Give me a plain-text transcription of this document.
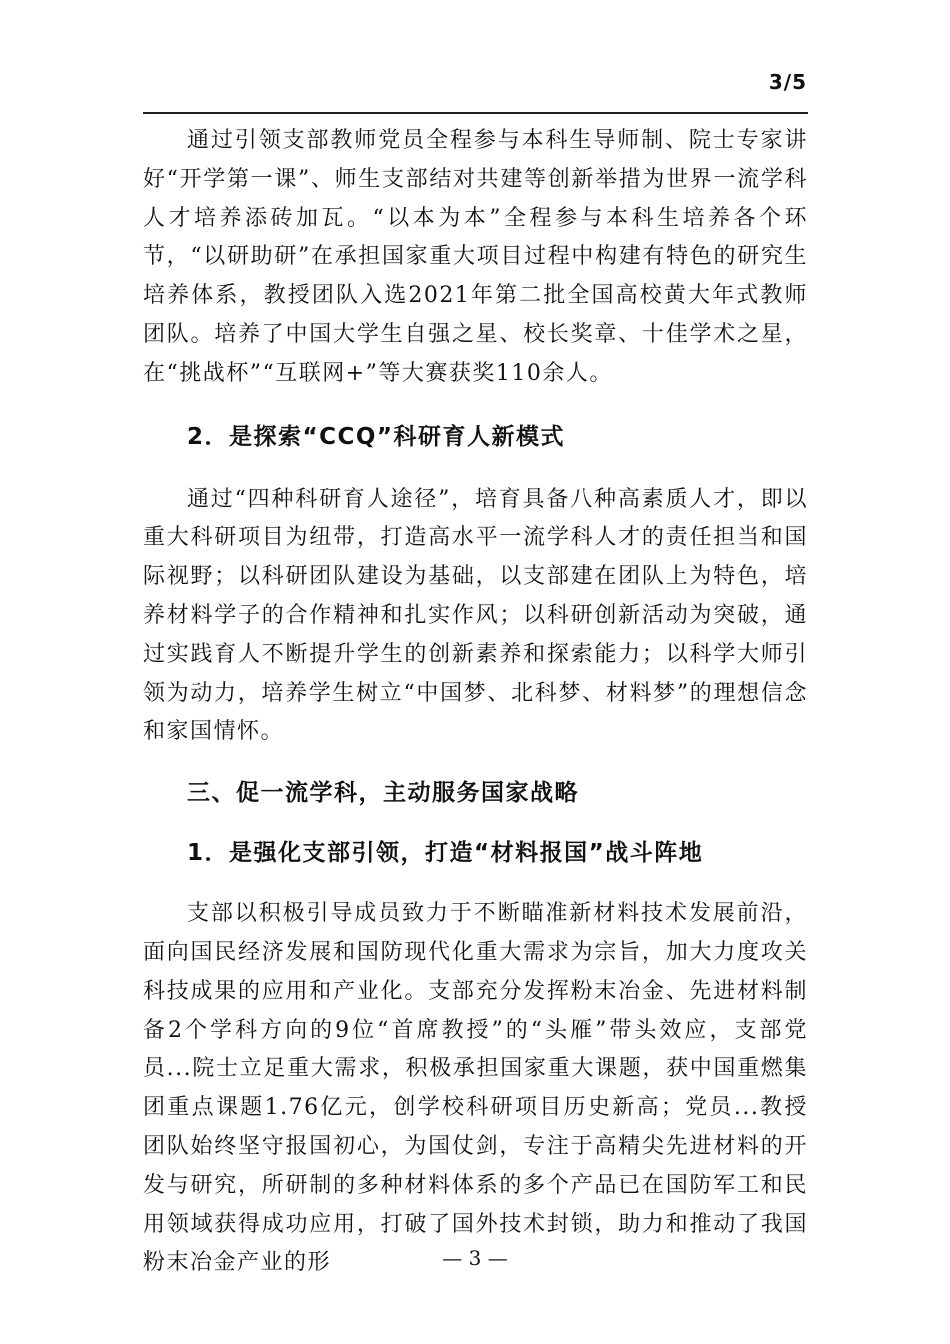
3/5

通过引领支部教师党员全程参与本科生导师制、院士专家讲好“开学第一课”、师生支部结对共建等创新举措为世界一流学科人才培养添砖加瓦。“以本为本”全程参与本科生培养各个环节，“以研助研”在承担国家重大项目过程中构建有特色的研究生培养体系，教授团队入选2021年第二批全国高校黄大年式教师团队。培养了中国大学生自强之星、校长奖章、十佳学术之星，在“挑战杯”“互联网+”等大赛获奖110余人。

2．是探索“CCQ”科研育人新模式

通过“四种科研育人途径”，培育具备八种高素质人才，即以重大科研项目为纽带，打造高水平一流学科人才的责任担当和国际视野；以科研团队建设为基础，以支部建在团队上为特色，培养材料学子的合作精神和扎实作风；以科研创新活动为突破，通过实践育人不断提升学生的创新素养和探索能力；以科学大师引领为动力，培养学生树立“中国梦、北科梦、材料梦”的理想信念和家国情怀。

三、促一流学科，主动服务国家战略
1．是强化支部引领，打造“材料报国”战斗阵地

支部以积极引导成员致力于不断瞄准新材料技术发展前沿，面向国民经济发展和国防现代化重大需求为宗旨，加大力度攻关科技成果的应用和产业化。支部充分发挥粉末冶金、先进材料制备2个学科方向的9位“首席教授”的“头雁”带头效应，支部党员...院士立足重大需求，积极承担国家重大课题，获中国重燃集团重点课题1.76亿元，创学校科研项目历史新高；党员...教授团队始终坚守报国初心，为国仗剑，专注于高精尖先进材料的开发与研究，所研制的多种材料体系的多个产品已在国防军工和民用领域获得成功应用，打破了国外技术封锁，助力和推动了我国粉末冶金产业的形	— 3 —
